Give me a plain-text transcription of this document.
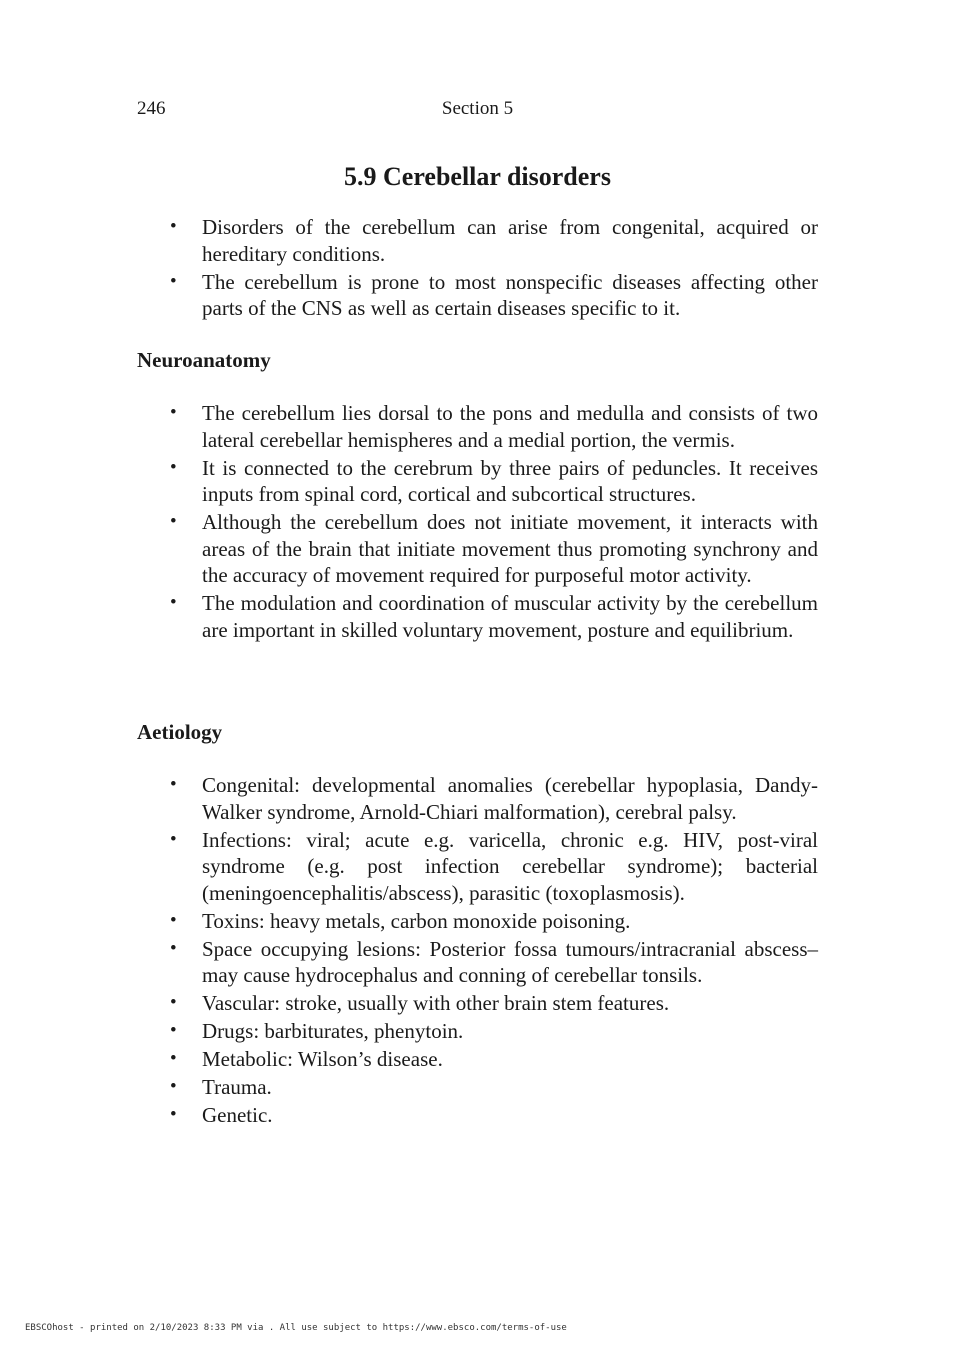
246	Section 5
5.9 Cerebellar disorders
• Disorders of the cerebellum can arise from congenital, acquired or hereditary conditions.
• The cerebellum is prone to most nonspecific diseases affecting other parts of the CNS as well as certain diseases specific to it.
Neuroanatomy
• The cerebellum lies dorsal to the pons and medulla and consists of two lateral cerebellar hemispheres and a medial portion, the vermis.
• It is connected to the cerebrum by three pairs of peduncles. It receives inputs from spinal cord, cortical and subcortical structures.
• Although the cerebellum does not initiate movement, it interacts with areas of the brain that initiate movement thus promoting synchrony and the accuracy of movement required for purposeful motor activity.
• The modulation and coordination of muscular activity by the cerebellum are important in skilled voluntary movement, posture and equilibrium.
Aetiology
• Congenital: developmental anomalies (cerebellar hypoplasia, Dandy-Walker syndrome, Arnold-Chiari malformation), cerebral palsy.
• Infections: viral; acute e.g. varicella, chronic e.g. HIV, post-viral syndrome (e.g. post infection cerebellar syndrome); bacterial (meningoencephalitis/abscess), parasitic (toxoplasmosis).
• Toxins: heavy metals, carbon monoxide poisoning.
• Space occupying lesions: Posterior fossa tumours/intracranial abscess–may cause hydrocephalus and conning of cerebellar tonsils.
• Vascular: stroke, usually with other brain stem features.
• Drugs: barbiturates, phenytoin.
• Metabolic: Wilson’s disease.
• Trauma.
• Genetic.
EBSCOhost - printed on 2/10/2023 8:33 PM via . All use subject to https://www.ebsco.com/terms-of-use
